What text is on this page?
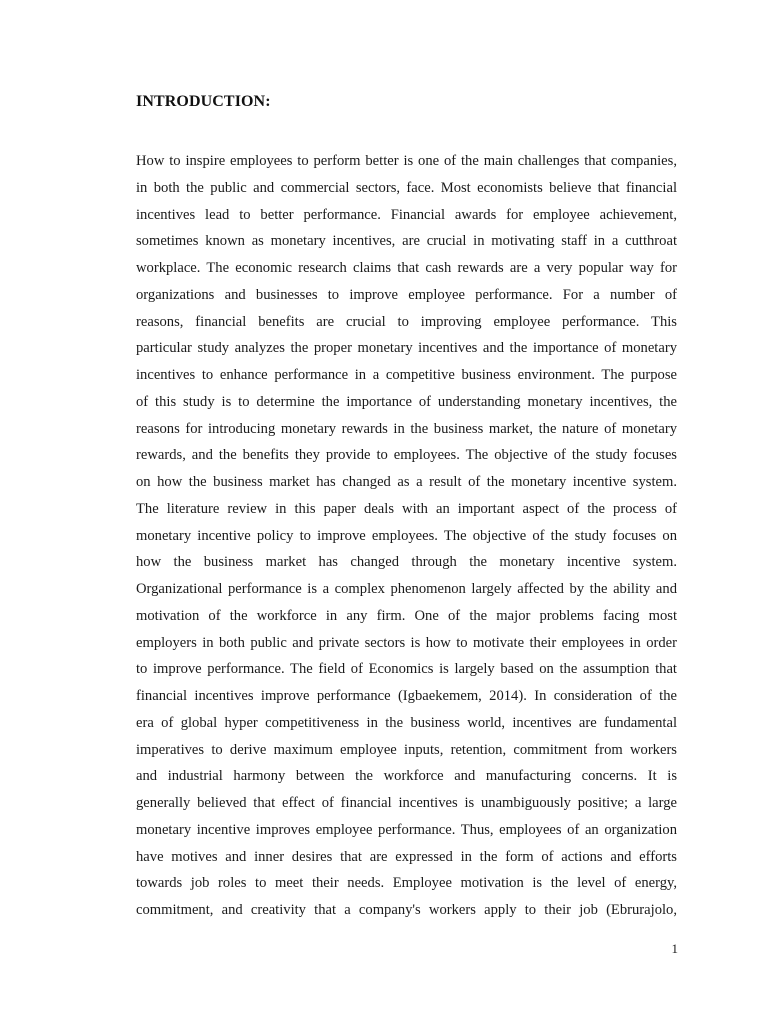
INTRODUCTION:
How to inspire employees to perform better is one of the main challenges that companies,
in both the public and commercial sectors, face. Most economists believe that financial
incentives lead to better performance. Financial awards for employee achievement,
sometimes known as monetary incentives, are crucial in motivating staff in a cutthroat
workplace. The economic research claims that cash rewards are a very popular way for
organizations and businesses to improve employee performance. For a number of
reasons, financial benefits are crucial to improving employee performance. This
particular study analyzes the proper monetary incentives and the importance of monetary
incentives to enhance performance in a competitive business environment. The purpose
of this study is to determine the importance of understanding monetary incentives, the
reasons for introducing monetary rewards in the business market, the nature of monetary
rewards, and the benefits they provide to employees. The objective of the study focuses
on how the business market has changed as a result of the monetary incentive system.
The literature review in this paper deals with an important aspect of the process of
monetary incentive policy to improve employees. The objective of the study focuses on
how the business market has changed through the monetary incentive system.
Organizational performance is a complex phenomenon largely affected by the ability and
motivation of the workforce in any firm. One of the major problems facing most
employers in both public and private sectors is how to motivate their employees in order
to improve performance. The field of Economics is largely based on the assumption that
financial incentives improve performance (Igbaekemem, 2014). In consideration of the
era of global hyper competitiveness in the business world, incentives are fundamental
imperatives to derive maximum employee inputs, retention, commitment from workers
and industrial harmony between the workforce and manufacturing concerns. It is
generally believed that effect of financial incentives is unambiguously positive; a large
monetary incentive improves employee performance. Thus, employees of an organization
have motives and inner desires that are expressed in the form of actions and efforts
towards job roles to meet their needs. Employee motivation is the level of energy,
commitment, and creativity that a company's workers apply to their job (Ebrurajolo,
1
